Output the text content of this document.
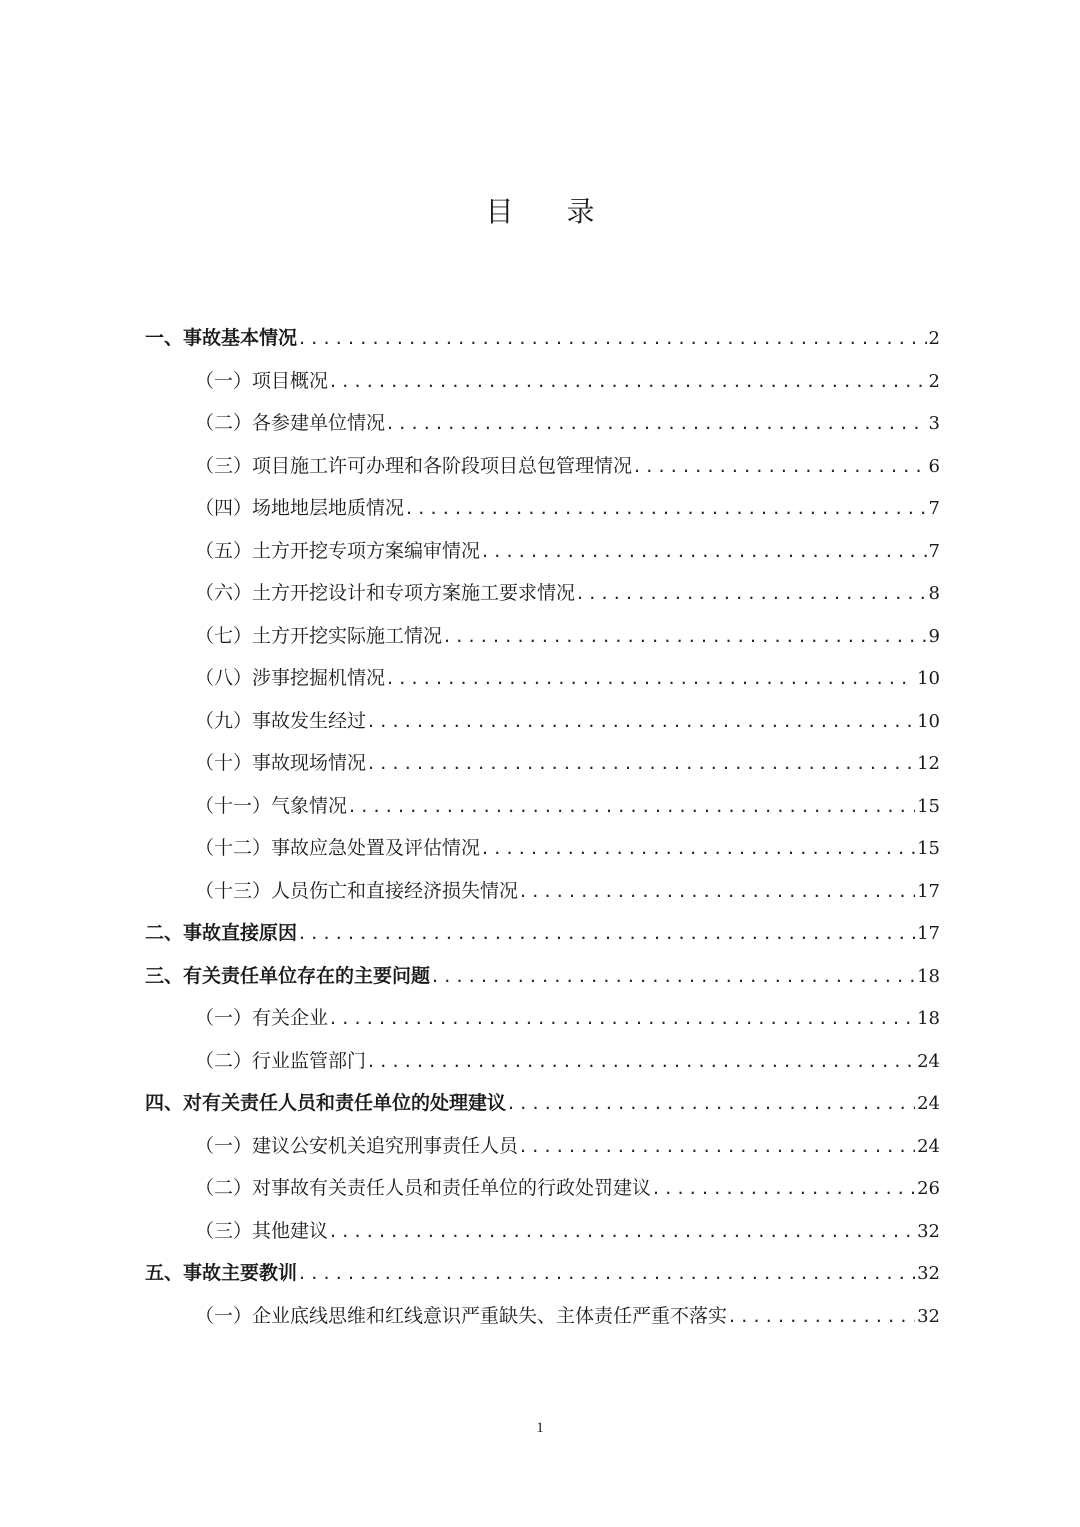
目 录
一、事故基本情况 .....	2
（一）项目概况 .....	2
（二）各参建单位情况 .....	3
（三）项目施工许可办理和各阶段项目总包管理情况 .....	6
（四）场地地层地质情况 .....	7
（五）土方开挖专项方案编审情况 .....	7
（六）土方开挖设计和专项方案施工要求情况 .....	8
（七）土方开挖实际施工情况 .....	9
（八）涉事挖掘机情况 .....	10
（九）事故发生经过 .....	10
（十）事故现场情况 .....	12
（十一）气象情况 .....	15
（十二）事故应急处置及评估情况 .....	15
（十三）人员伤亡和直接经济损失情况 .....	17
二、事故直接原因 .....	17
三、有关责任单位存在的主要问题 .....	18
（一）有关企业 .....	18
（二）行业监管部门 .....	24
四、对有关责任人员和责任单位的处理建议 .....	24
（一）建议公安机关追究刑事责任人员 .....	24
（二）对事故有关责任人员和责任单位的行政处罚建议 .....	26
（三）其他建议 .....	32
五、事故主要教训 .....	32
（一）企业底线思维和红线意识严重缺失、主体责任严重不落实 .....	32
1
